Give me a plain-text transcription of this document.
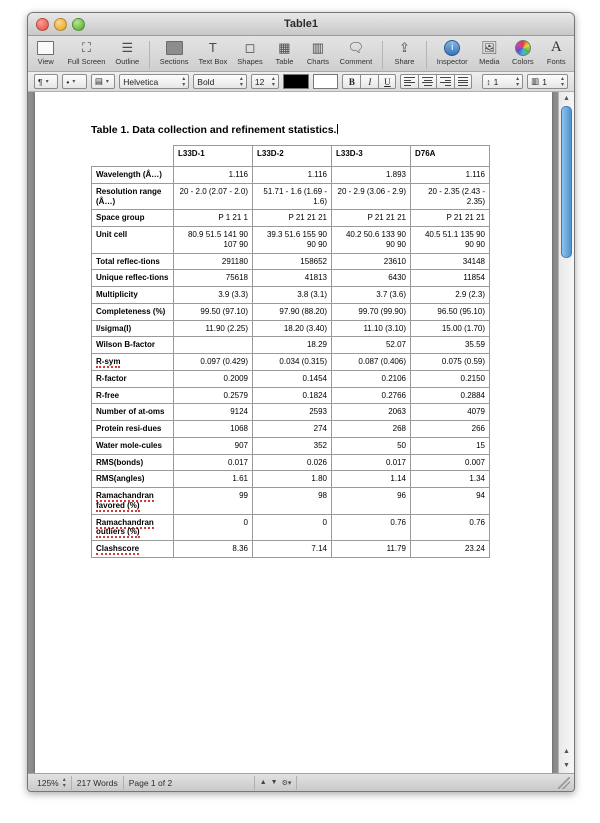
Table1
View
⛶
Full Screen
☰
Outline	Sections
T
Text Box
◻
Shapes
▦
Table
▥
Charts
🗨
Comment
⇪
Share
i
Inspector
🖼
Media Colors
A
Fonts
¶ ▾ • ▾ ▤ ▾ Helvetica	▴
▾ Bold	▴
▾ 12 ▴
▾	B	I	U	↕ 1	▴
▾ ▥ 1 ▴
▾
Table 1. Data collection and refinement statistics.
	L33D-1	L33D-2	L33D-3	D76A
Wavelength (Å…)	1.116	1.116	1.893	1.116
Resolution range (Å…)	20 - 2.0 (2.07 - 2.0)	51.71 - 1.6 (1.69 - 1.6)	20 - 2.9 (3.06 - 2.9)	20 - 2.35 (2.43 - 2.35)
Space group	P 1 21 1	P 21 21 21	P 21 21 21	P 21 21 21
Unit cell	80.9 51.5 141 90 107 90	39.3 51.6 155 90 90 90	40.2 50.6 133 90 90 90	40.5 51.1 135 90 90 90
Total reflec-tions	291180	158652	23610	34148
Unique reflec-tions	75618	41813	6430	11854
Multiplicity	3.9 (3.3)	3.8 (3.1)	3.7 (3.6)	2.9 (2.3)
Completeness (%)	99.50 (97.10)	97.90 (88.20)	99.70 (99.90)	96.50 (95.10)
I/sigma(I)	11.90 (2.25)	18.20 (3.40)	11.10 (3.10)	15.00 (1.70)
Wilson B-factor		18.29	52.07	35.59
R-sym	0.097 (0.429)	0.034 (0.315)	0.087 (0.406)	0.075 (0.59)
R-factor	0.2009	0.1454	0.2106	0.2150
R-free	0.2579	0.1824	0.2766	0.2884
Number of at-oms	9124	2593	2063	4079
Protein resi-dues	1068	274	268	266
Water mole-cules	907	352	50	15
RMS(bonds)	0.017	0.026	0.017	0.007
RMS(angles)	1.61	1.80	1.14	1.34
Ramachandran favored (%)	99	98	96	94
Ramachandran outliers (%)	0	0	0.76	0.76
Clashscore	8.36	7.14	11.79	23.24
▲
▲
▼
125% ▴
▾ 217 Words Page 1 of 2	▲ ▼ ⚙▾
